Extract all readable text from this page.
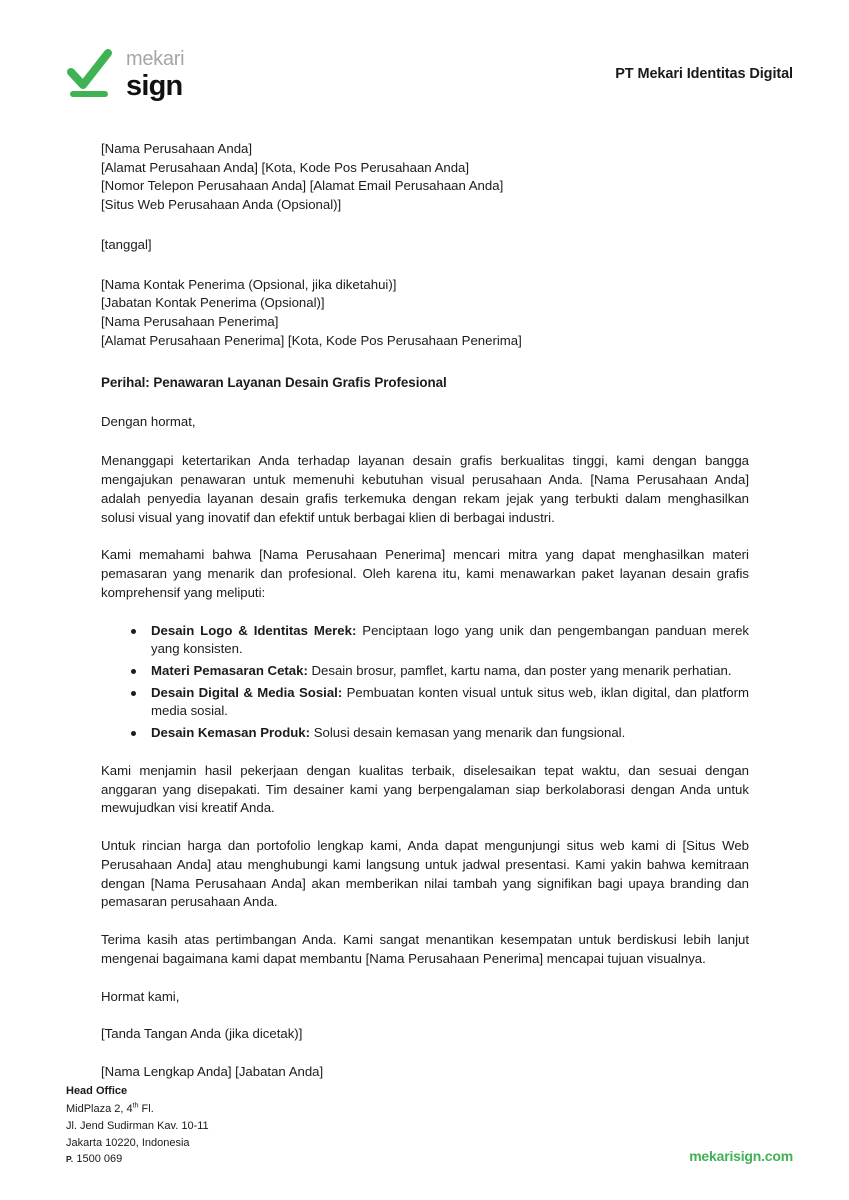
mekari
sign	PT Mekari Identitas Digital
[Nama Perusahaan Anda]
[Alamat Perusahaan Anda] [Kota, Kode Pos Perusahaan Anda]
[Nomor Telepon Perusahaan Anda] [Alamat Email Perusahaan Anda]
[Situs Web Perusahaan Anda (Opsional)]
[tanggal]
[Nama Kontak Penerima (Opsional, jika diketahui)]
[Jabatan Kontak Penerima (Opsional)]
[Nama Perusahaan Penerima]
[Alamat Perusahaan Penerima] [Kota, Kode Pos Perusahaan Penerima]
Perihal: Penawaran Layanan Desain Grafis Profesional
Dengan hormat,

Menanggapi ketertarikan Anda terhadap layanan desain grafis berkualitas tinggi, kami dengan bangga mengajukan penawaran untuk memenuhi kebutuhan visual perusahaan Anda. [Nama Perusahaan Anda] adalah penyedia layanan desain grafis terkemuka dengan rekam jejak yang terbukti dalam menghasilkan solusi visual yang inovatif dan efektif untuk berbagai klien di berbagai industri.

Kami memahami bahwa [Nama Perusahaan Penerima] mencari mitra yang dapat menghasilkan materi pemasaran yang menarik dan profesional. Oleh karena itu, kami menawarkan paket layanan desain grafis komprehensif yang meliputi:

Desain Logo & Identitas Merek: Penciptaan logo yang unik dan pengembangan panduan merek yang konsisten.
Materi Pemasaran Cetak: Desain brosur, pamflet, kartu nama, dan poster yang menarik perhatian.
Desain Digital & Media Sosial: Pembuatan konten visual untuk situs web, iklan digital, dan platform media sosial.
Desain Kemasan Produk: Solusi desain kemasan yang menarik dan fungsional.

Kami menjamin hasil pekerjaan dengan kualitas terbaik, diselesaikan tepat waktu, dan sesuai dengan anggaran yang disepakati. Tim desainer kami yang berpengalaman siap berkolaborasi dengan Anda untuk mewujudkan visi kreatif Anda.

Untuk rincian harga dan portofolio lengkap kami, Anda dapat mengunjungi situs web kami di [Situs Web Perusahaan Anda] atau menghubungi kami langsung untuk jadwal presentasi. Kami yakin bahwa kemitraan dengan [Nama Perusahaan Anda] akan memberikan nilai tambah yang signifikan bagi upaya branding dan pemasaran perusahaan Anda.

Terima kasih atas pertimbangan Anda. Kami sangat menantikan kesempatan untuk berdiskusi lebih lanjut mengenai bagaimana kami dapat membantu [Nama Perusahaan Penerima] mencapai tujuan visualnya.

Hormat kami,
[Tanda Tangan Anda (jika dicetak)]
[Nama Lengkap Anda] [Jabatan Anda]
Head Office
MidPlaza 2, 4th Fl.
Jl. Jend Sudirman Kav. 10-11
Jakarta 10220, Indonesia
P. 1500 069	mekarisign.com
